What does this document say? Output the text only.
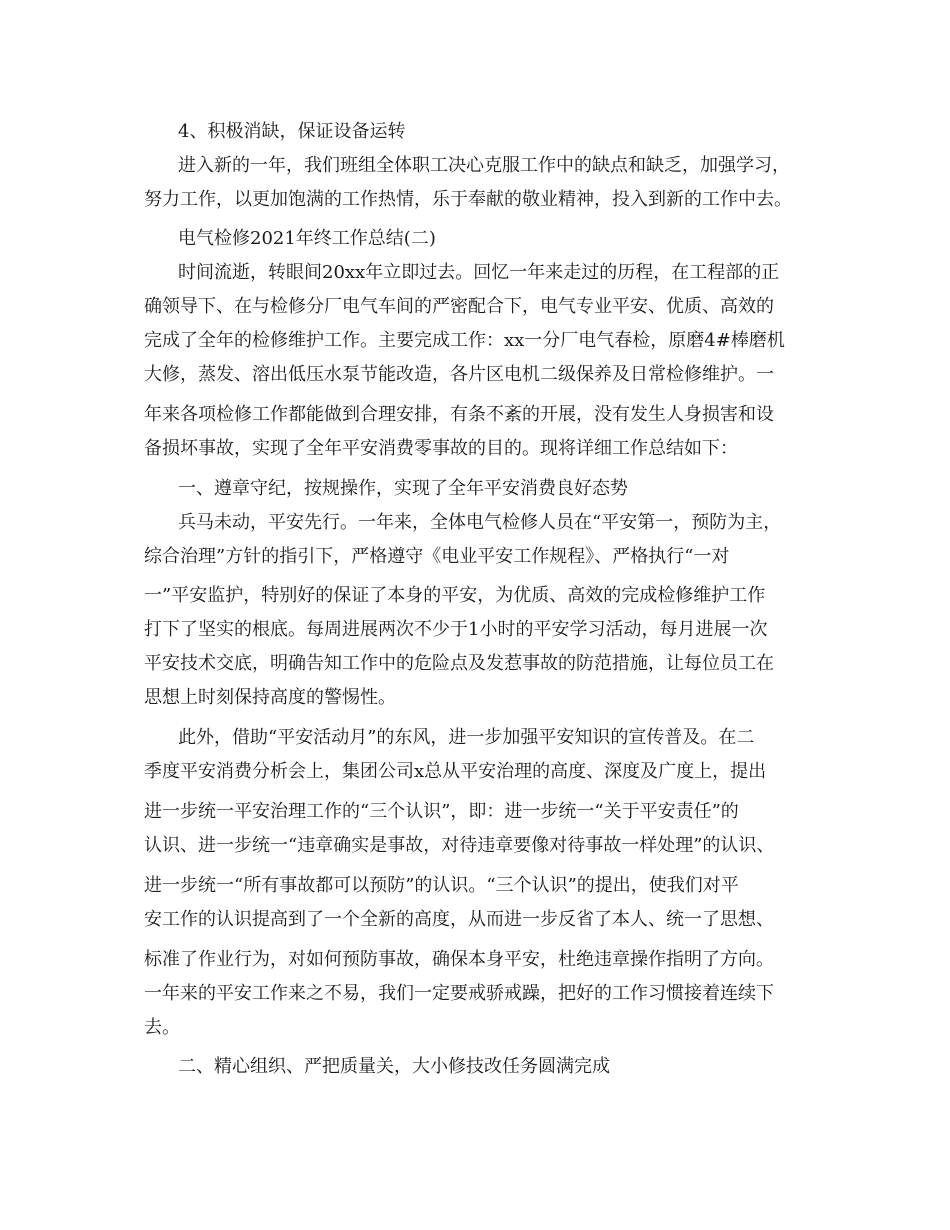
4、积极消缺，保证设备运转
进入新的一年，我们班组全体职工决心克服工作中的缺点和缺乏，加强学习，
努力工作，以更加饱满的工作热情，乐于奉献的敬业精神，投入到新的工作中去。
电气检修2021年终工作总结(二)
时间流逝，转眼间20xx年立即过去。回忆一年来走过的历程，在工程部的正
确领导下、在与检修分厂电气车间的严密配合下，电气专业平安、优质、高效的
完成了全年的检修维护工作。主要完成工作：xx一分厂电气春检，原磨4#棒磨机
大修，蒸发、溶出低压水泵节能改造，各片区电机二级保养及日常检修维护。一
年来各项检修工作都能做到合理安排，有条不紊的开展，没有发生人身损害和设
备损坏事故，实现了全年平安消费零事故的目的。现将详细工作总结如下：
一、遵章守纪，按规操作，实现了全年平安消费良好态势
兵马未动，平安先行。一年来，全体电气检修人员在“平安第一，预防为主，
综合治理”方针的指引下，严格遵守《电业平安工作规程》、严格执行“一对
一”平安监护，特别好的保证了本身的平安，为优质、高效的完成检修维护工作
打下了坚实的根底。每周进展两次不少于1小时的平安学习活动，每月进展一次
平安技术交底，明确告知工作中的危险点及发惹事故的防范措施，让每位员工在
思想上时刻保持高度的警惕性。
此外，借助“平安活动月”的东风，进一步加强平安知识的宣传普及。在二
季度平安消费分析会上，集团公司x总从平安治理的高度、深度及广度上，提出
进一步统一平安治理工作的“三个认识”，即：进一步统一“关于平安责任”的
认识、进一步统一“违章确实是事故，对待违章要像对待事故一样处理”的认识、
进一步统一“所有事故都可以预防”的认识。“三个认识”的提出，使我们对平
安工作的认识提高到了一个全新的高度，从而进一步反省了本人、统一了思想、
标准了作业行为，对如何预防事故，确保本身平安，杜绝违章操作指明了方向。
一年来的平安工作来之不易，我们一定要戒骄戒躁，把好的工作习惯接着连续下
去。
二、精心组织、严把质量关，大小修技改任务圆满完成
